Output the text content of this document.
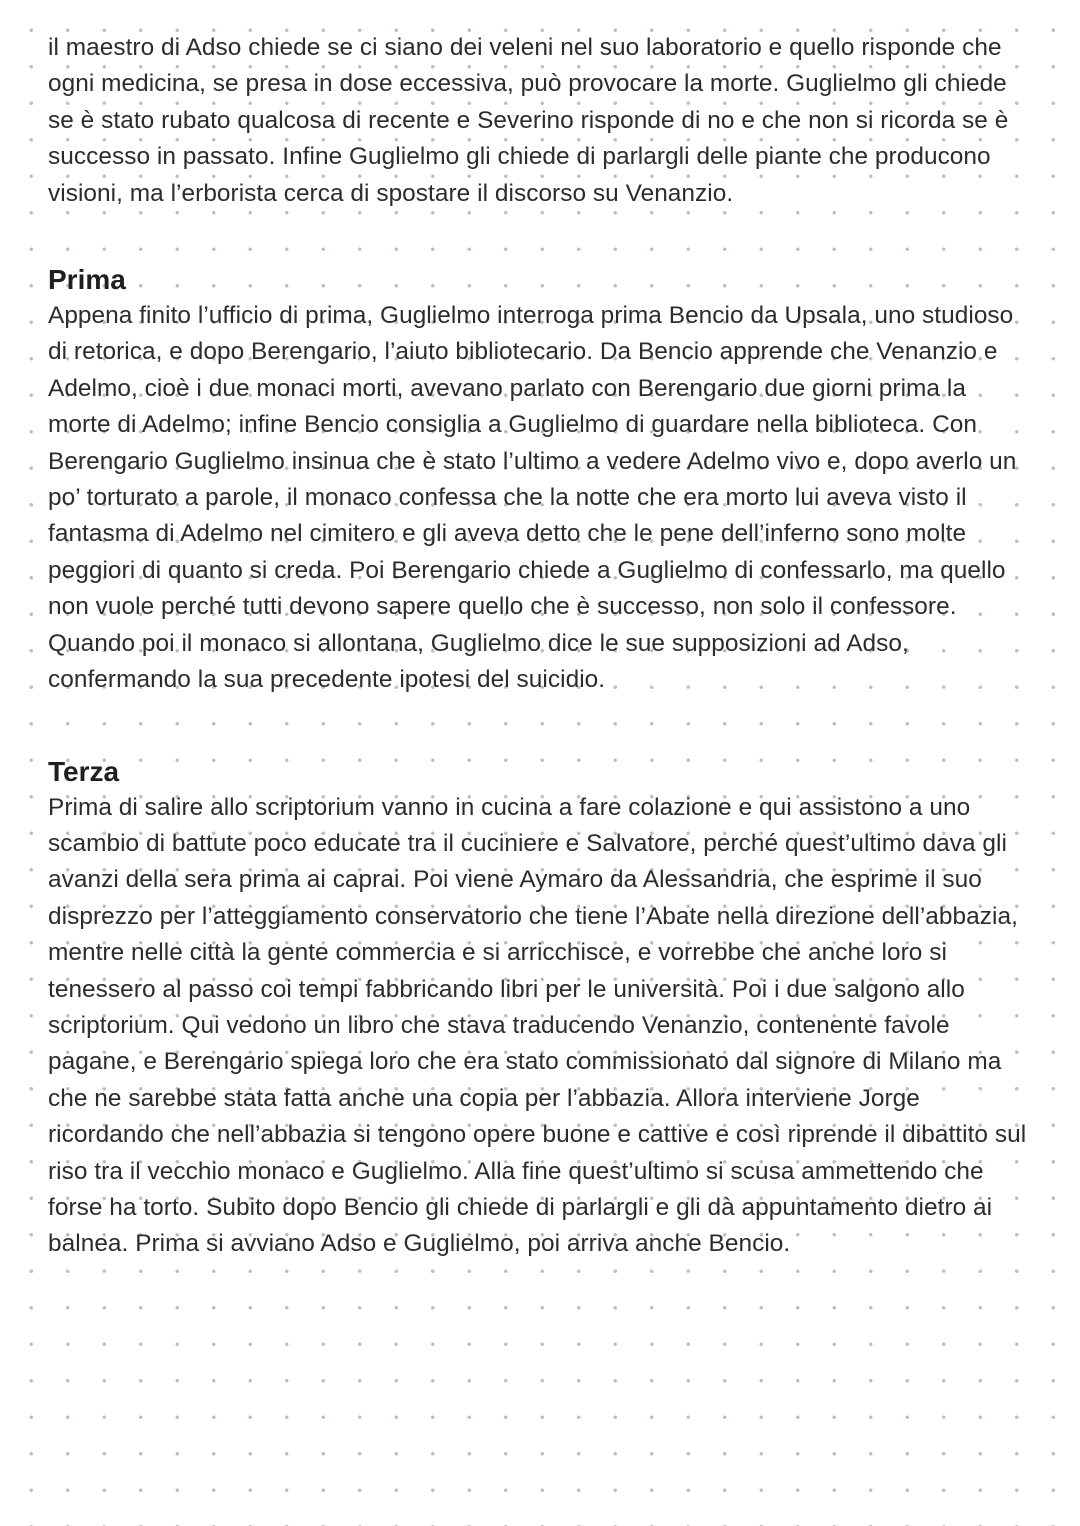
il maestro di Adso chiede se ci siano dei veleni nel suo laboratorio e quello risponde che ogni medicina, se presa in dose eccessiva, può provocare la morte. Guglielmo gli chiede se è stato rubato qualcosa di recente e Severino risponde di no e che non si ricorda se è successo in passato. Infine Guglielmo gli chiede di parlargli delle piante che producono visioni, ma l’erborista cerca di spostare il discorso su Venanzio.

Prima

Appena finito l’ufficio di prima, Guglielmo interroga prima Bencio da Upsala, uno studioso di retorica, e dopo Berengario, l’aiuto bibliotecario. Da Bencio apprende che Venanzio e Adelmo, cioè i due monaci morti, avevano parlato con Berengario due giorni prima la morte di Adelmo; infine Bencio consiglia a Guglielmo di guardare nella biblioteca. Con Berengario Guglielmo insinua che è stato l’ultimo a vedere Adelmo vivo e, dopo averlo un po’ torturato a parole, il monaco confessa che la notte che era morto lui aveva visto il fantasma di Adelmo nel cimitero e gli aveva detto che le pene dell’inferno sono molte peggiori di quanto si creda. Poi Berengario chiede a Guglielmo di confessarlo, ma quello non vuole perché tutti devono sapere quello che è successo, non solo il confessore. Quando poi il monaco si allontana, Guglielmo dice le sue supposizioni ad Adso, confermando la sua precedente ipotesi del suicidio.

Terza

Prima di salire allo scriptorium vanno in cucina a fare colazione e qui assistono a uno scambio di battute poco educate tra il cuciniere e Salvatore, perché quest’ultimo dava gli avanzi della sera prima ai caprai. Poi viene Aymaro da Alessandria, che esprime il suo disprezzo per l’atteggiamento conservatorio che tiene l’Abate nella direzione dell’abbazia, mentre nelle città la gente commercia e si arricchisce, e vorrebbe che anche loro si tenessero al passo coi tempi fabbricando libri per le università. Poi i due salgono allo scriptorium. Qui vedono un libro che stava traducendo Venanzio, contenente favole pagane, e Berengario spiega loro che era stato commissionato dal signore di Milano ma che ne sarebbe stata fatta anche una copia per l’abbazia. Allora interviene Jorge ricordando che nell’abbazia si tengono opere buone e cattive e così riprende il dibattito sul riso tra il vecchio monaco e Guglielmo. Alla fine quest’ultimo si scusa ammettendo che forse ha torto. Subito dopo Bencio gli chiede di parlargli e gli dà appuntamento dietro ai balnea. Prima si avviano Adso e Guglielmo, poi arriva anche Bencio.
